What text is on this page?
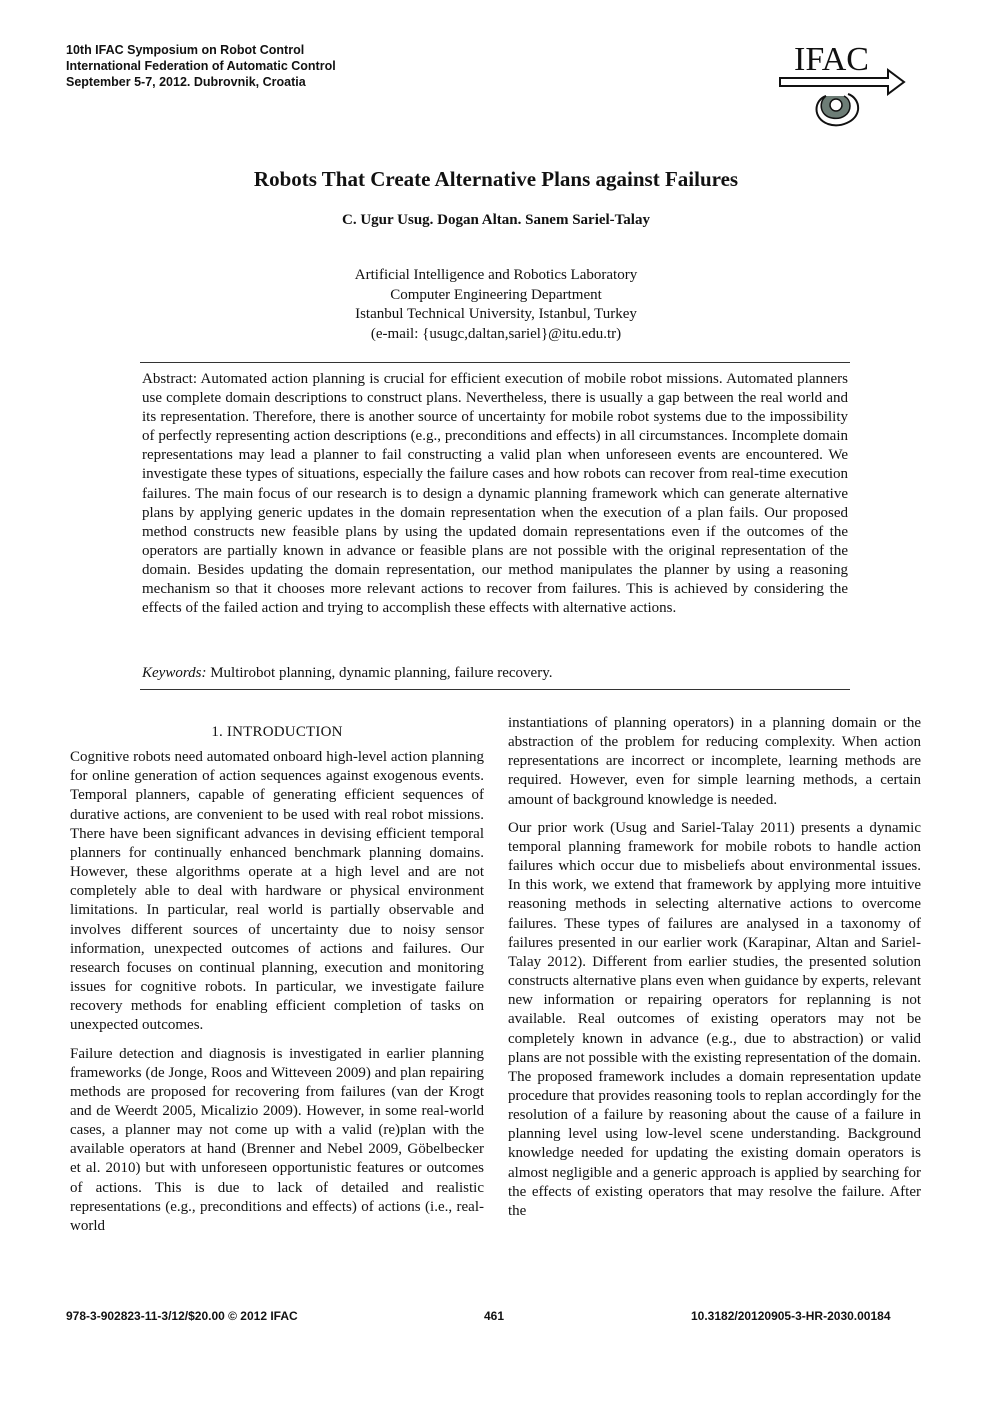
10th IFAC Symposium on Robot Control
International Federation of Automatic Control
September 5-7, 2012. Dubrovnik, Croatia
IFAC
Robots That Create Alternative Plans against Failures
C. Ugur Usug. Dogan Altan. Sanem Sariel-Talay
Artificial Intelligence and Robotics Laboratory
Computer Engineering Department
Istanbul Technical University, Istanbul, Turkey
(e-mail: {usugc,daltan,sariel}@itu.edu.tr)
Abstract: Automated action planning is crucial for efficient execution of mobile robot missions. Automated planners use complete domain descriptions to construct plans. Nevertheless, there is usually a gap between the real world and its representation. Therefore, there is another source of uncertainty for mobile robot systems due to the impossibility of perfectly representing action descriptions (e.g., preconditions and effects) in all circumstances. Incomplete domain representations may lead a planner to fail constructing a valid plan when unforeseen events are encountered. We investigate these types of situations, especially the failure cases and how robots can recover from real-time execution failures. The main focus of our research is to design a dynamic planning framework which can generate alternative plans by applying generic updates in the domain representation when the execution of a plan fails. Our proposed method constructs new feasible plans by using the updated domain representations even if the outcomes of the operators are partially known in advance or feasible plans are not possible with the original representation of the domain. Besides updating the domain representation, our method manipulates the planner by using a reasoning mechanism so that it chooses more relevant actions to recover from failures. This is achieved by considering the effects of the failed action and trying to accomplish these effects with alternative actions.
Keywords: Multirobot planning, dynamic planning, failure recovery.
1. INTRODUCTION

Cognitive robots need automated onboard high-level action planning for online generation of action sequences against exogenous events. Temporal planners, capable of generating efficient sequences of durative actions, are convenient to be used with real robot missions. There have been significant advances in devising efficient temporal planners for continually enhanced benchmark planning domains. However, these algorithms operate at a high level and are not completely able to deal with hardware or physical environment limitations. In particular, real world is partially observable and involves different sources of uncertainty due to noisy sensor information, unexpected outcomes of actions and failures. Our research focuses on continual planning, execution and monitoring issues for cognitive robots. In particular, we investigate failure recovery methods for enabling efficient completion of tasks on unexpected outcomes.

Failure detection and diagnosis is investigated in earlier planning frameworks (de Jonge, Roos and Witteveen 2009) and plan repairing methods are proposed for recovering from failures (van der Krogt and de Weerdt 2005, Micalizio 2009). However, in some real-world cases, a planner may not come up with a valid (re)plan with the available operators at hand (Brenner and Nebel 2009, Göbelbecker et al. 2010) but with unforeseen opportunistic features or outcomes of actions. This is due to lack of detailed and realistic representations (e.g., preconditions and effects) of actions (i.e., real-world

instantiations of planning operators) in a planning domain or the abstraction of the problem for reducing complexity. When action representations are incorrect or incomplete, learning methods are required. However, even for simple learning methods, a certain amount of background knowledge is needed.

Our prior work (Usug and Sariel-Talay 2011) presents a dynamic temporal planning framework for mobile robots to handle action failures which occur due to misbeliefs about environmental issues. In this work, we extend that framework by applying more intuitive reasoning methods in selecting alternative actions to overcome failures. These types of failures are analysed in a taxonomy of failures presented in our earlier work (Karapinar, Altan and Sariel-Talay 2012). Different from earlier studies, the presented solution constructs alternative plans even when guidance by experts, relevant new information or repairing operators for replanning is not available. Real outcomes of existing operators may not be completely known in advance (e.g., due to abstraction) or valid plans are not possible with the existing representation of the domain. The proposed framework includes a domain representation update procedure that provides reasoning tools to replan accordingly for the resolution of a failure by reasoning about the cause of a failure in planning level using low-level scene understanding. Background knowledge needed for updating the existing domain operators is almost negligible and a generic approach is applied by searching for the effects of existing operators that may resolve the failure. After the

978-3-902823-11-3/12/$20.00 © 2012 IFAC	461	10.3182/20120905-3-HR-2030.00184
